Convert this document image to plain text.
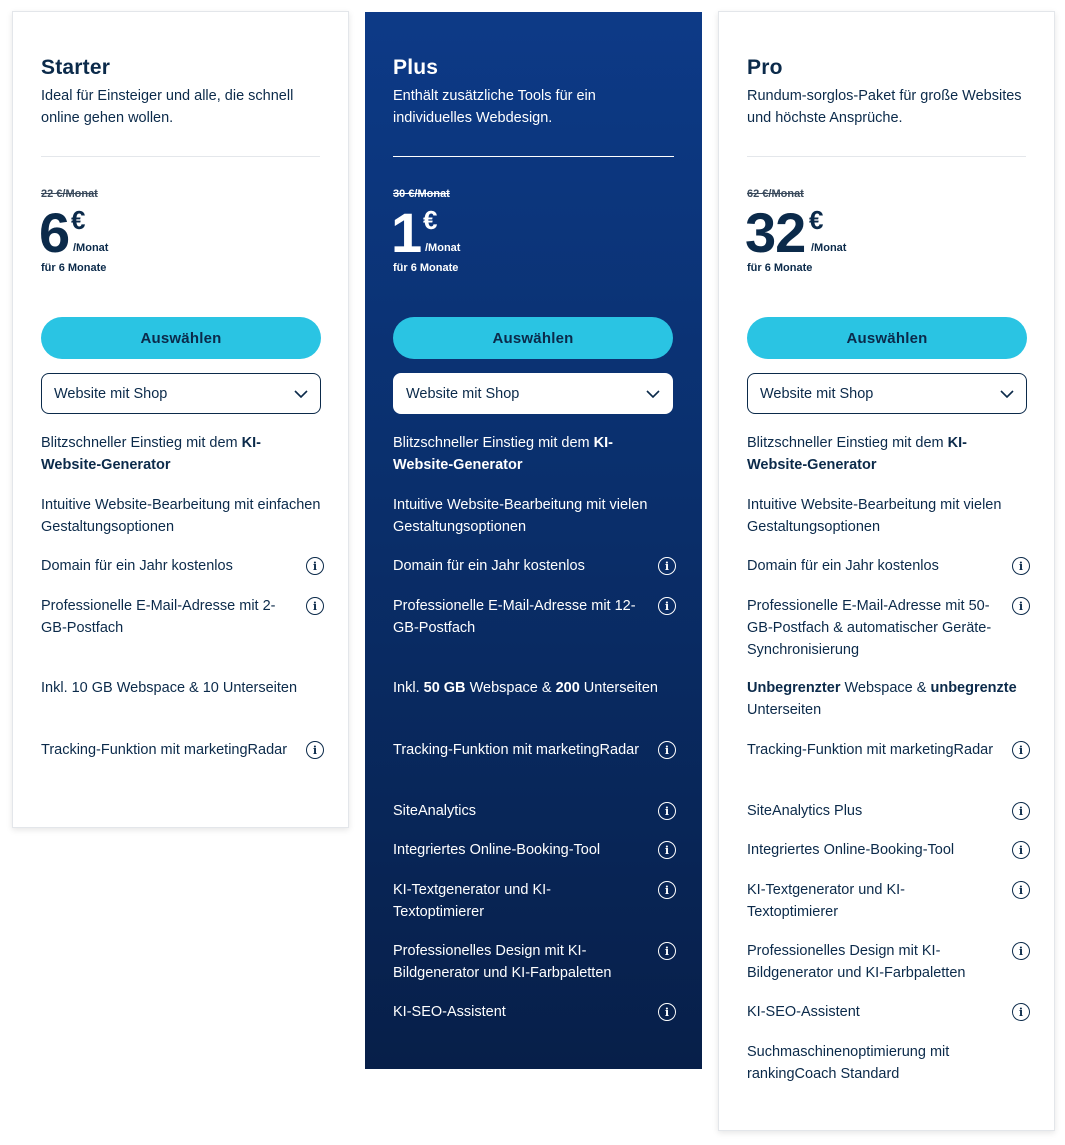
Starter

Ideal für Einsteiger und alle, die schnell online gehen wollen.

22 €/Monat
6 €
/Monat
für 6 Monate
Auswählen
Website mit Shop
Blitzschneller Einstieg mit dem KI-Website-Generator
Intuitive Website-Bearbeitung mit einfachen Gestaltungsoptionen
Domain für ein Jahr kostenlos	i
Professionelle E-Mail-Adresse mit 2-GB-Postfach
i
Inkl. 10 GB Webspace & 10 Unterseiten
Tracking-Funktion mit marketingRadar	i
Plus

Enthält zusätzliche Tools für ein individuelles Webdesign.

30 €/Monat
1 €
/Monat
für 6 Monate
Auswählen
Website mit Shop
Blitzschneller Einstieg mit dem KI-Website-Generator
Intuitive Website-Bearbeitung mit vielen Gestaltungsoptionen
Domain für ein Jahr kostenlos	i
Professionelle E-Mail-Adresse mit 12-GB-Postfach
i
Inkl. 50 GB Webspace & 200 Unterseiten
Tracking-Funktion mit marketingRadar	i
SiteAnalytics	i
Integriertes Online-Booking-Tool	i
KI-Textgenerator und KI-Textoptimierer
i
Professionelles Design mit KI-Bildgenerator und KI-Farbpaletten
i
KI-SEO-Assistent	i
Pro

Rundum-sorglos-Paket für große Websites und höchste Ansprüche.

62 €/Monat
32 €
/Monat
für 6 Monate
Auswählen
Website mit Shop
Blitzschneller Einstieg mit dem KI-Website-Generator
Intuitive Website-Bearbeitung mit vielen Gestaltungsoptionen
Domain für ein Jahr kostenlos	i
Professionelle E-Mail-Adresse mit 50-GB-Postfach & automatischer Geräte-Synchronisierung
i
Unbegrenzter Webspace & unbegrenzte Unterseiten
Tracking-Funktion mit marketingRadar	i
SiteAnalytics Plus	i
Integriertes Online-Booking-Tool	i
KI-Textgenerator und KI-Textoptimierer
i
Professionelles Design mit KI-Bildgenerator und KI-Farbpaletten
i
KI-SEO-Assistent	i
Suchmaschinenoptimierung mit rankingCoach Standard
